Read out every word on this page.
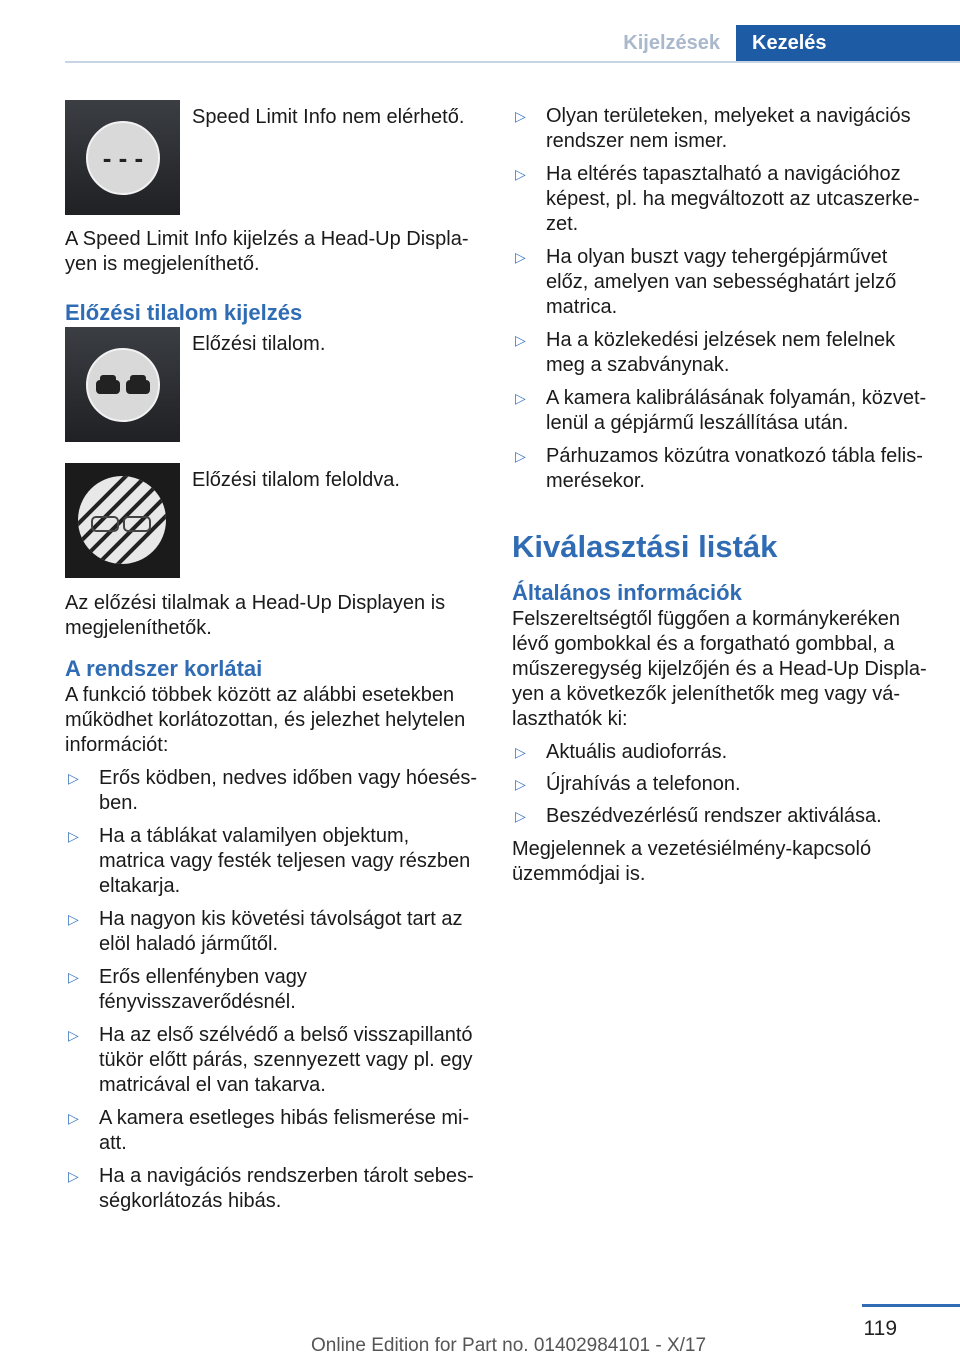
Kijelzések	Kezelés
- - -
Speed Limit Info nem elérhető.

A Speed Limit Info kijelzés a Head-Up Displayen is megjeleníthető.

Előzési tilalom kijelzés
Előzési tilalom.
Előzési tilalom feloldva.

Az előzési tilalmak a Head-Up Displayen is megjeleníthetők.

A rendszer korlátai

A funkció többek között az alábbi esetekben működhet korlátozottan, és jelezhet helytelen információt:

▷ Erős ködben, nedves időben vagy hóesésben.
▷ Ha a táblákat valamilyen objektum, matrica vagy festék teljesen vagy részben eltakarja.
▷ Ha nagyon kis követési távolságot tart az elöl haladó járműtől.
▷ Erős ellenfényben vagy fényvisszaverődésnél.
▷ Ha az első szélvédő a belső visszapillantó tükör előtt párás, szennyezett vagy pl. egy matricával el van takarva.
▷ A kamera esetleges hibás felismerése miatt.
▷ Ha a navigációs rendszerben tárolt sebességkorlátozás hibás.
▷ Olyan területeken, melyeket a navigációs rendszer nem ismer.
▷ Ha eltérés tapasztalható a navigációhoz képest, pl. ha megváltozott az utcaszerkezet.
▷ Ha olyan buszt vagy tehergépjárművet előz, amelyen van sebességhatárt jelző matrica.
▷ Ha a közlekedési jelzések nem felelnek meg a szabványnak.
▷ A kamera kalibrálásának folyamán, közvetlenül a gépjármű leszállítása után.
▷ Párhuzamos közútra vonatkozó tábla felismerésekor.
Kiválasztási listák
Általános információk

Felszereltségtől függően a kormánykeréken lévő gombokkal és a forgatható gombbal, a műszeregység kijelzőjén és a Head-Up Displayen a következők jeleníthetők meg vagy választhatók ki:

▷ Aktuális audioforrás.
▷ Újrahívás a telefonon.
▷ Beszédvezérlésű rendszer aktiválása.

Megjelennek a vezetésiélmény-kapcsoló üzemmódjai is.

119
Online Edition for Part no. 01402984101 - X/17
